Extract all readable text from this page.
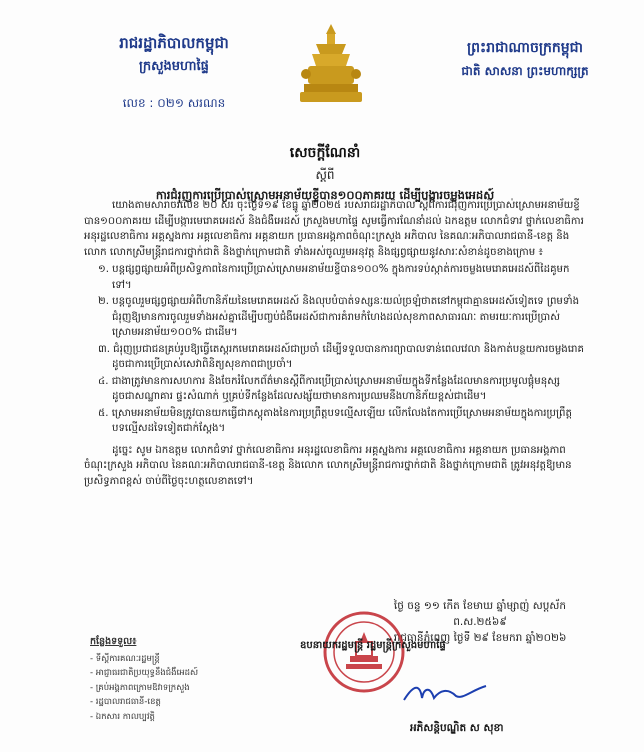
រាជរដ្ឋាភិបាលកម្ពុជា
ក្រសួងមហាផ្ទៃ
លេខ : ០២១ សរណន
ព្រះរាជាណាចក្រកម្ពុជា
ជាតិ សាសនា ព្រះមហាក្សត្រ
សេចក្តីណែនាំ
ស្តីពី
ការជំរុញការប្រើប្រាស់ស្រោមអនាម័យខ្ទីបាន១០០ភាគរយ ដើម្បីបង្ការចម្លងអេដស៍
យោងតាមសារាចរលេខ ២០ សរ ចុះថ្ងៃទី១៩ ខែធ្នូ ឆ្នាំ២០២៥ របស់រាជរដ្ឋាភិបាល ស្តីពីការជំរុញការប្រើប្រាស់ស្រោមអនាម័យខ្ទីបាន១០០ភាគរយ ដើម្បីបង្ការមេរោគអេដស៍ និងជំងឺអេដស៍ ក្រសួងមហាផ្ទៃ សូមធ្វើការណែនាំដល់ ឯកឧត្តម លោកជំទាវ ថ្នាក់លេខាធិការ អនុរដ្ឋលេខាធិការ អគ្គស្នងការ អគ្គលេខាធិការ អគ្គនាយក ប្រធានអង្គភាពចំណុះក្រសួង អភិបាល នៃគណៈអភិបាលរាជធានី-ខេត្ត និងលោក លោកស្រីមន្ត្រីរាជការថ្នាក់ជាតិ និងថ្នាក់ក្រោមជាតិ ទាំងអស់ចូលរួមអនុវត្ត និងផ្សព្វផ្សាយនូវសារៈសំខាន់ដូចខាងក្រោម ៖
១. បន្តផ្សព្វផ្សាយអំពីប្រសិទ្ធភាពនៃការប្រើប្រាស់ស្រោមអនាម័យខ្ទីបាន១០០% ក្នុងការទប់ស្កាត់ការចម្លងមេរោគអេដស៍ពីដៃគូមកទៅ។
២. បន្តចូលរួមផ្សព្វផ្សាយអំពីហានិភ័យនៃមេរោគអេដស៍ និងលុបបំបាត់ទស្សនៈយល់ច្រឡំថាតនៅកម្ពុជាគ្មានអេដស៍ទៀតទេ ព្រមទាំងជំរុញឱ្យមានការចូលរួមទាំងអស់គ្នាដើម្បីបញ្ចប់ជំងឺអេដស៍ជាការគំរាមកំហែងដល់សុខភាពសាធារណៈ តាមរយៈការប្រើប្រាស់ស្រោមអនាម័យ១០០% ជាដើម។
៣. ជំរុញប្រជាជនគ្រប់រូបឱ្យធ្វើតេស្តរកមេរោគអេដស៍ជាប្រចាំ ដើម្បីទទួលបានការព្យាបាលទាន់ពេលវេលា និងកាត់បន្ថយការចម្លងរោគ ដូចជាការប្រើប្រាស់សេវាពិនិត្យសុខភាពជាប្រចាំ។
៤. ជាងាត្រូវមានការសហការ និងចែករំលែកព័ត៌មានស្តីពីការប្រើប្រាស់ស្រោមអនាម័យក្នុងទីកន្លែងដែលមានការប្រមូលផ្តុំមនុស្ស ដូចជាសណ្ឋាគារ ផ្ទះសំណាក់ ឬគ្រប់ទីកន្លែងដែលសង្ស័យថាមានការប្រឈមនឹងហានិភ័យខ្ពស់ជាដើម។
៥. ស្រោមអនាម័យមិនត្រូវបានយកធ្វើជាភស្តុតាងនៃការប្រព្រឹត្តបទល្មើសឡើយ លើកលែងតែការប្រើស្រោមអនាម័យក្នុងការប្រព្រឹត្តបទល្មើសដទៃទៀតជាក់ស្តែង។
ដូច្នេះ សូម ឯកឧត្តម លោកជំទាវ ថ្នាក់លេខាធិការ អនុរដ្ឋលេខាធិការ អគ្គស្នងការ អគ្គលេខាធិការ អគ្គនាយក ប្រធានអង្គភាពចំណុះក្រសួង អភិបាល នៃគណៈអភិបាលរាជធានី-ខេត្ត និងលោក លោកស្រីមន្ត្រីរាជការថ្នាក់ជាតិ និងថ្នាក់ក្រោមជាតិ ត្រូវអនុវត្តឱ្យមានប្រសិទ្ធភាពខ្ពស់ ចាប់ពីថ្ងៃចុះហត្ថលេខាតទៅ។
ថ្ងៃ ចន្ទ ១១ កើត ខែមាឃ ឆ្នាំម្សាញ់ សប្តស័ក ព.ស.២៥៦៩
រាជធានីភ្នំពេញ ថ្ងៃទី ២៩ ខែមករា ឆ្នាំ២០២៦
កន្លែងទទួល៖
- ទីស្តីការគណៈរដ្ឋមន្ត្រី
- អាជ្ញាធរជាតិប្រយុទ្ធនឹងជំងឺអេដស៍
- គ្រប់អង្គភាពក្រោមឱវាទក្រសួង
- រដ្ឋបាលរាជធានី-ខេត្ត
- ឯកសារ កាលប្បវត្តិ
ឧបនាយករដ្ឋមន្ត្រី រដ្ឋមន្ត្រីក្រសួងមហាផ្ទៃ
អភិសន្តិបណ្ឌិត ស សុខា
